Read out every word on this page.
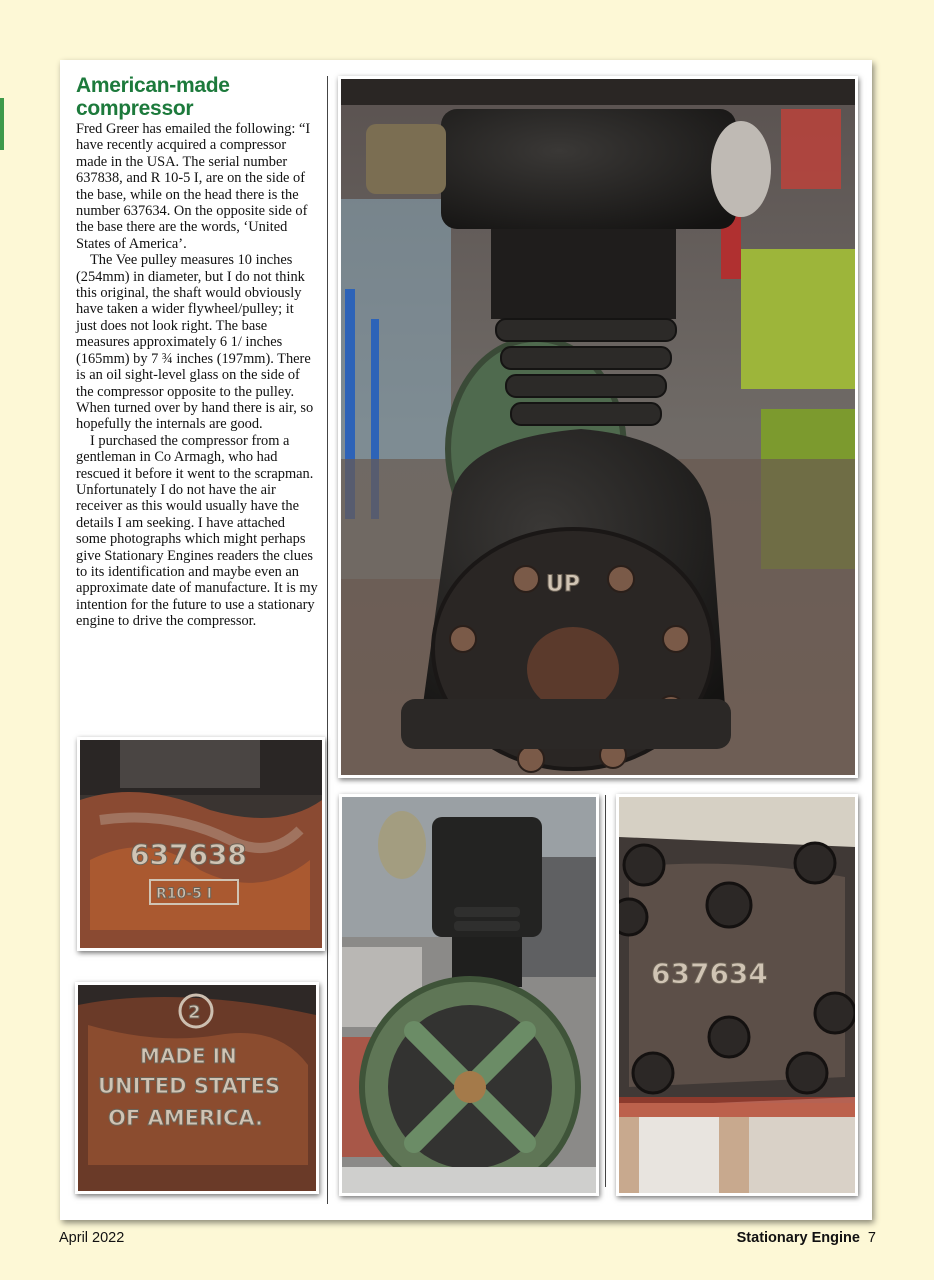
American-made
compressor

Fred Greer has emailed the following: “I have recently acquired a compressor made in the USA. The serial number 637838, and R 10-5 I, are on the side of the base, while on the head there is the number 637634. On the opposite side of the base there are the words, ‘United States of America’.

The Vee pulley measures 10 inches (254mm) in diameter, but I do not think this original, the shaft would obviously have taken a wider flywheel/pulley; it just does not look right. The base measures approximately 6 1/ inches (165mm) by 7 ¾ inches (197mm). There is an oil sight-level glass on the side of the compressor opposite to the pulley. When turned over by hand there is air, so hopefully the internals are good.

I purchased the compressor from a gentleman in Co Armagh, who had rescued it before it went to the scrapman. Unfortunately I do not have the air receiver as this would usually have the details I am seeking. I have attached some photographs which might perhaps give Stationary Engines readers the clues to its identification and maybe even an approximate date of manufacture. It is my intention for the future to use a stationary engine to drive the compressor.

UP
637638
R10-5 I
2
MADE IN
UNITED STATES
OF AMERICA.
637634
April 2022	Stationary Engine 7
